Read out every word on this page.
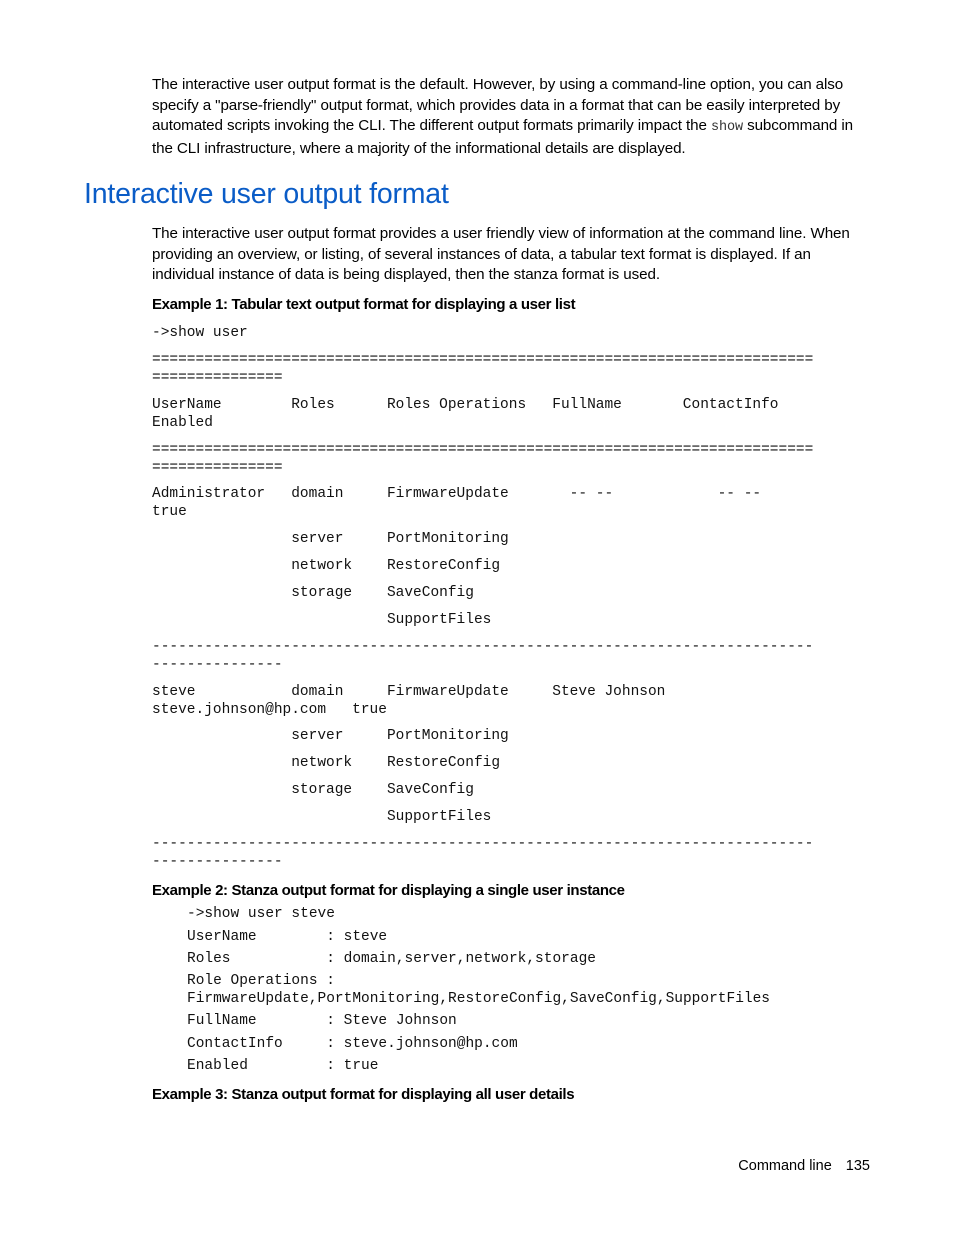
The interactive user output format is the default. However, by using a command-line option, you can also specify a "parse-friendly" output format, which provides data in a format that can be easily interpreted by automated scripts invoking the CLI. The different output formats primarily impact the show subcommand in the CLI infrastructure, where a majority of the informational details are displayed.

Interactive user output format

The interactive user output format provides a user friendly view of information at the command line. When providing an overview, or listing, of several instances of data, a tabular text format is displayed. If an individual instance of data is being displayed, then the stanza format is used.

Example 1: Tabular text output format for displaying a user list

->show user

============================================================================

===============

UserName        Roles      Roles Operations   FullName       ContactInfo

Enabled

============================================================================

===============

Administrator   domain     FirmwareUpdate       -- --            -- --

true

server     PortMonitoring

network    RestoreConfig

storage    SaveConfig

SupportFiles

----------------------------------------------------------------------------

---------------

steve           domain     FirmwareUpdate     Steve Johnson

steve.johnson@hp.com   true

server     PortMonitoring

network    RestoreConfig

storage    SaveConfig

SupportFiles

----------------------------------------------------------------------------

---------------

Example 2: Stanza output format for displaying a single user instance

->show user steve

UserName        : steve

Roles           : domain,server,network,storage

Role Operations :

FirmwareUpdate,PortMonitoring,RestoreConfig,SaveConfig,SupportFiles

FullName        : Steve Johnson

ContactInfo     : steve.johnson@hp.com

Enabled         : true

Example 3: Stanza output format for displaying all user details

Command line 135
